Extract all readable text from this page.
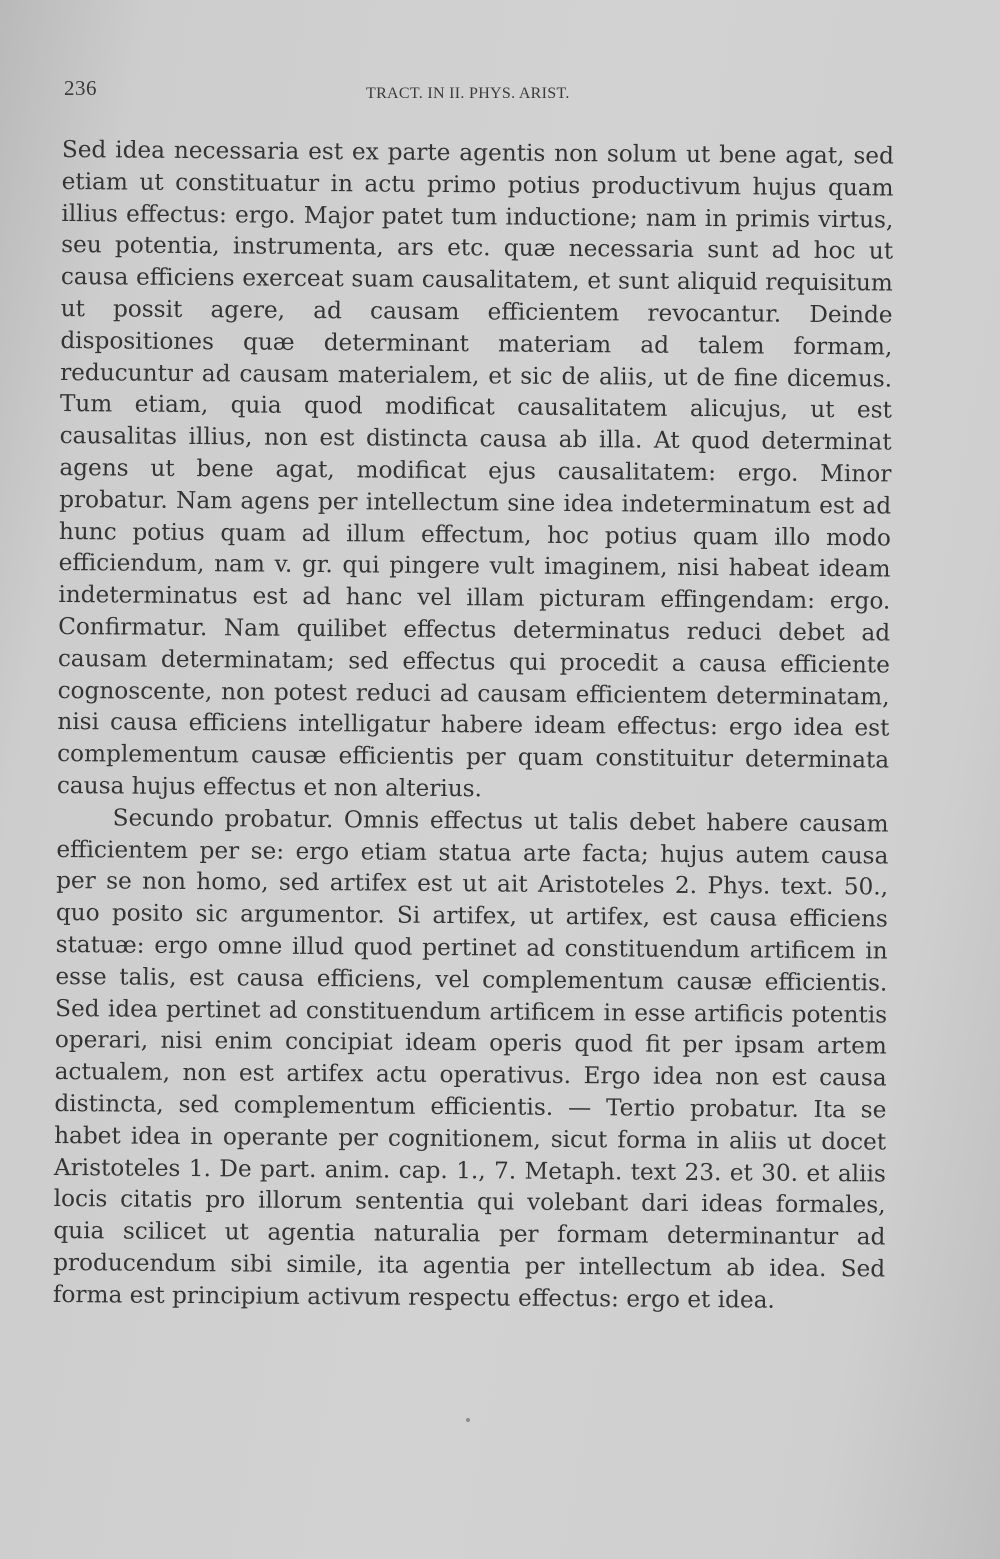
236	TRACT. IN II. PHYS. ARIST.

Sed idea necessaria est ex parte agentis non solum ut bene agat, sed etiam ut constituatur in actu primo potius productivum hujus quam illius effectus: ergo. Major patet tum inductione; nam in primis virtus, seu potentia, instrumenta, ars etc. quæ necessaria sunt ad hoc ut causa efficiens exerceat suam causalitatem, et sunt aliquid requisitum ut possit agere, ad causam efficientem revocantur. Deinde dispositiones quæ determinant materiam ad talem formam, reducuntur ad causam materialem, et sic de aliis, ut de fine dicemus. Tum etiam, quia quod modificat causalitatem alicujus, ut est causalitas illius, non est distincta causa ab illa. At quod determinat agens ut bene agat, modificat ejus causalitatem: ergo. Minor probatur. Nam agens per intellectum sine idea indeterminatum est ad hunc potius quam ad illum effectum, hoc potius quam illo modo efficiendum, nam v. gr. qui pingere vult imaginem, nisi habeat ideam indeterminatus est ad hanc vel illam picturam effingendam: ergo. Confirmatur. Nam quilibet effectus determinatus reduci debet ad causam determinatam; sed effectus qui procedit a causa efficiente cognoscente, non potest reduci ad causam efficientem determinatam, nisi causa efficiens intelligatur habere ideam effectus: ergo idea est complementum causæ efficientis per quam constituitur determinata causa hujus effectus et non alterius.

Secundo probatur. Omnis effectus ut talis debet habere causam efficientem per se: ergo etiam statua arte facta; hujus autem causa per se non homo, sed artifex est ut ait Aristoteles 2. Phys. text. 50., quo posito sic argumentor. Si artifex, ut artifex, est causa efficiens statuæ: ergo omne illud quod pertinet ad constituendum artificem in esse talis, est causa efficiens, vel complementum causæ efficientis. Sed idea pertinet ad constituendum artificem in esse artificis potentis operari, nisi enim concipiat ideam operis quod fit per ipsam artem actualem, non est artifex actu operativus. Ergo idea non est causa distincta, sed complementum efficientis. — Tertio probatur. Ita se habet idea in operante per cognitionem, sicut forma in aliis ut docet Aristoteles 1. De part. anim. cap. 1., 7. Metaph. text 23. et 30. et aliis locis citatis pro illorum sententia qui volebant dari ideas formales, quia scilicet ut agentia naturalia per formam determinantur ad producendum sibi simile, ita agentia per intellectum ab idea. Sed forma est principium activum respectu effectus: ergo et idea.
